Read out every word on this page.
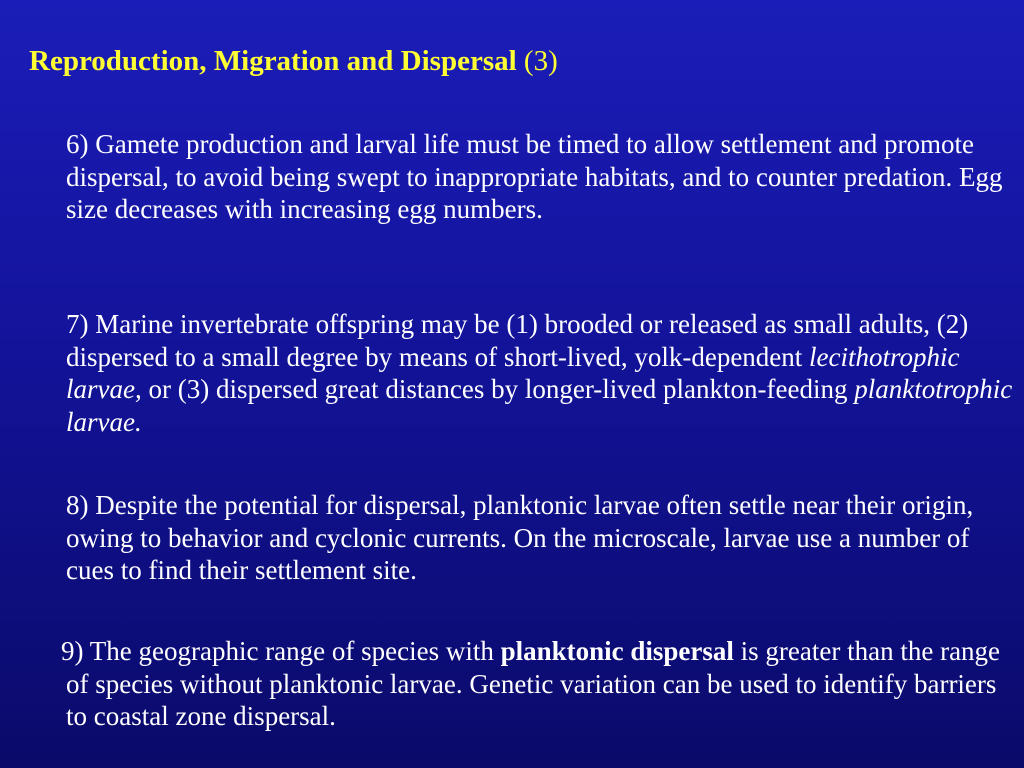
Reproduction, Migration and Dispersal (3)
6) Gamete production and larval life must be timed to allow settlement and promote dispersal, to avoid being swept to inappropriate habitats, and to counter predation. Egg size decreases with increasing egg numbers.
7) Marine invertebrate offspring may be (1) brooded or released as small adults, (2) dispersed to a small degree by means of short-lived, yolk-dependent lecithotrophic larvae, or (3) dispersed great distances by longer-lived plankton-feeding planktotrophic larvae.
8) Despite the potential for dispersal, planktonic larvae often settle near their origin, owing to behavior and cyclonic currents. On the microscale, larvae use a number of cues to find their settlement site.
9) The geographic range of species with planktonic dispersal is greater than the range of species without planktonic larvae. Genetic variation can be used to identify barriers to coastal zone dispersal.
